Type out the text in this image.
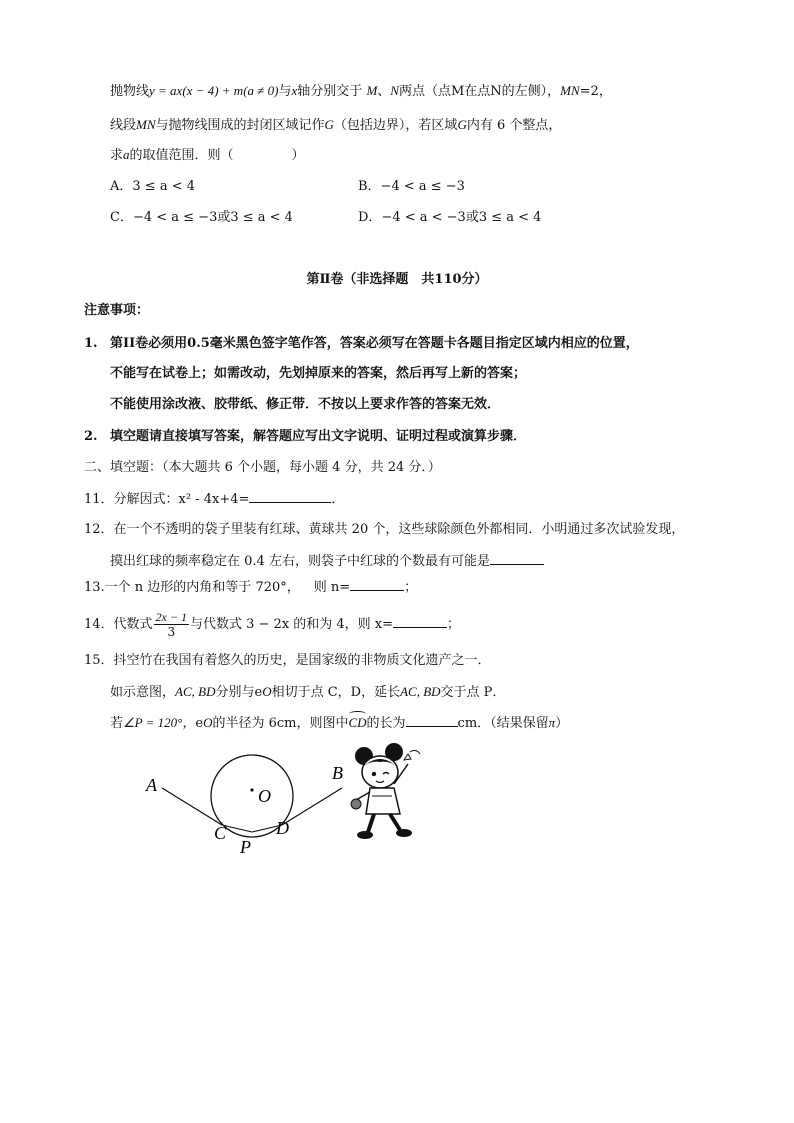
抛物线y = ax(x − 4) + m(a ≠ 0)与x轴分别交于 M、N两点（点M在点N的左侧），MN=2，
线段MN与抛物线围成的封闭区域记作G（包括边界），若区域G内有 6 个整点，
求a的取值范围．则（	）
A．3 ≤ a < 4	B．−4 < a ≤ −3
C．−4 < a ≤ −3或3 ≤ a < 4	D．−4 < a < −3或3 ≤ a < 4
第Ⅱ卷（非选择题　共110分）
注意事项：
1. 第II卷必须用0.5毫米黑色签字笔作答，答案必须写在答题卡各题目指定区域内相应的位置，
不能写在试卷上；如需改动，先划掉原来的答案，然后再写上新的答案；
不能使用涂改液、胶带纸、修正带．不按以上要求作答的答案无效．
2. 填空题请直接填写答案，解答题应写出文字说明、证明过程或演算步骤．
二、填空题：（本大题共 6 个小题，每小题 4 分，共 24 分．）
11．分解因式：x² - 4x+4=	．
12．在一个不透明的袋子里装有红球、黄球共 20 个，这些球除颜色外都相同．小明通过多次试验发现，
摸出红球的频率稳定在 0.4 左右，则袋子中红球的个数最有可能是
13.一个 n 边形的内角和等于 720°， 则 n=	；
14．代数式 $\frac{2x - 1}{3}$ 与代数式 3 − 2x 的和为 4，则 x=	；
15．抖空竹在我国有着悠久的历史，是国家级的非物质文化遗产之一．
如示意图，AC, BD分别与eO相切于点 C，D，延长AC, BD交于点 P．
若∠P = 120°，eO的半径为 6cm，则图中CD的长为	cm．（结果保留π）
A
B
O
C	D
P
